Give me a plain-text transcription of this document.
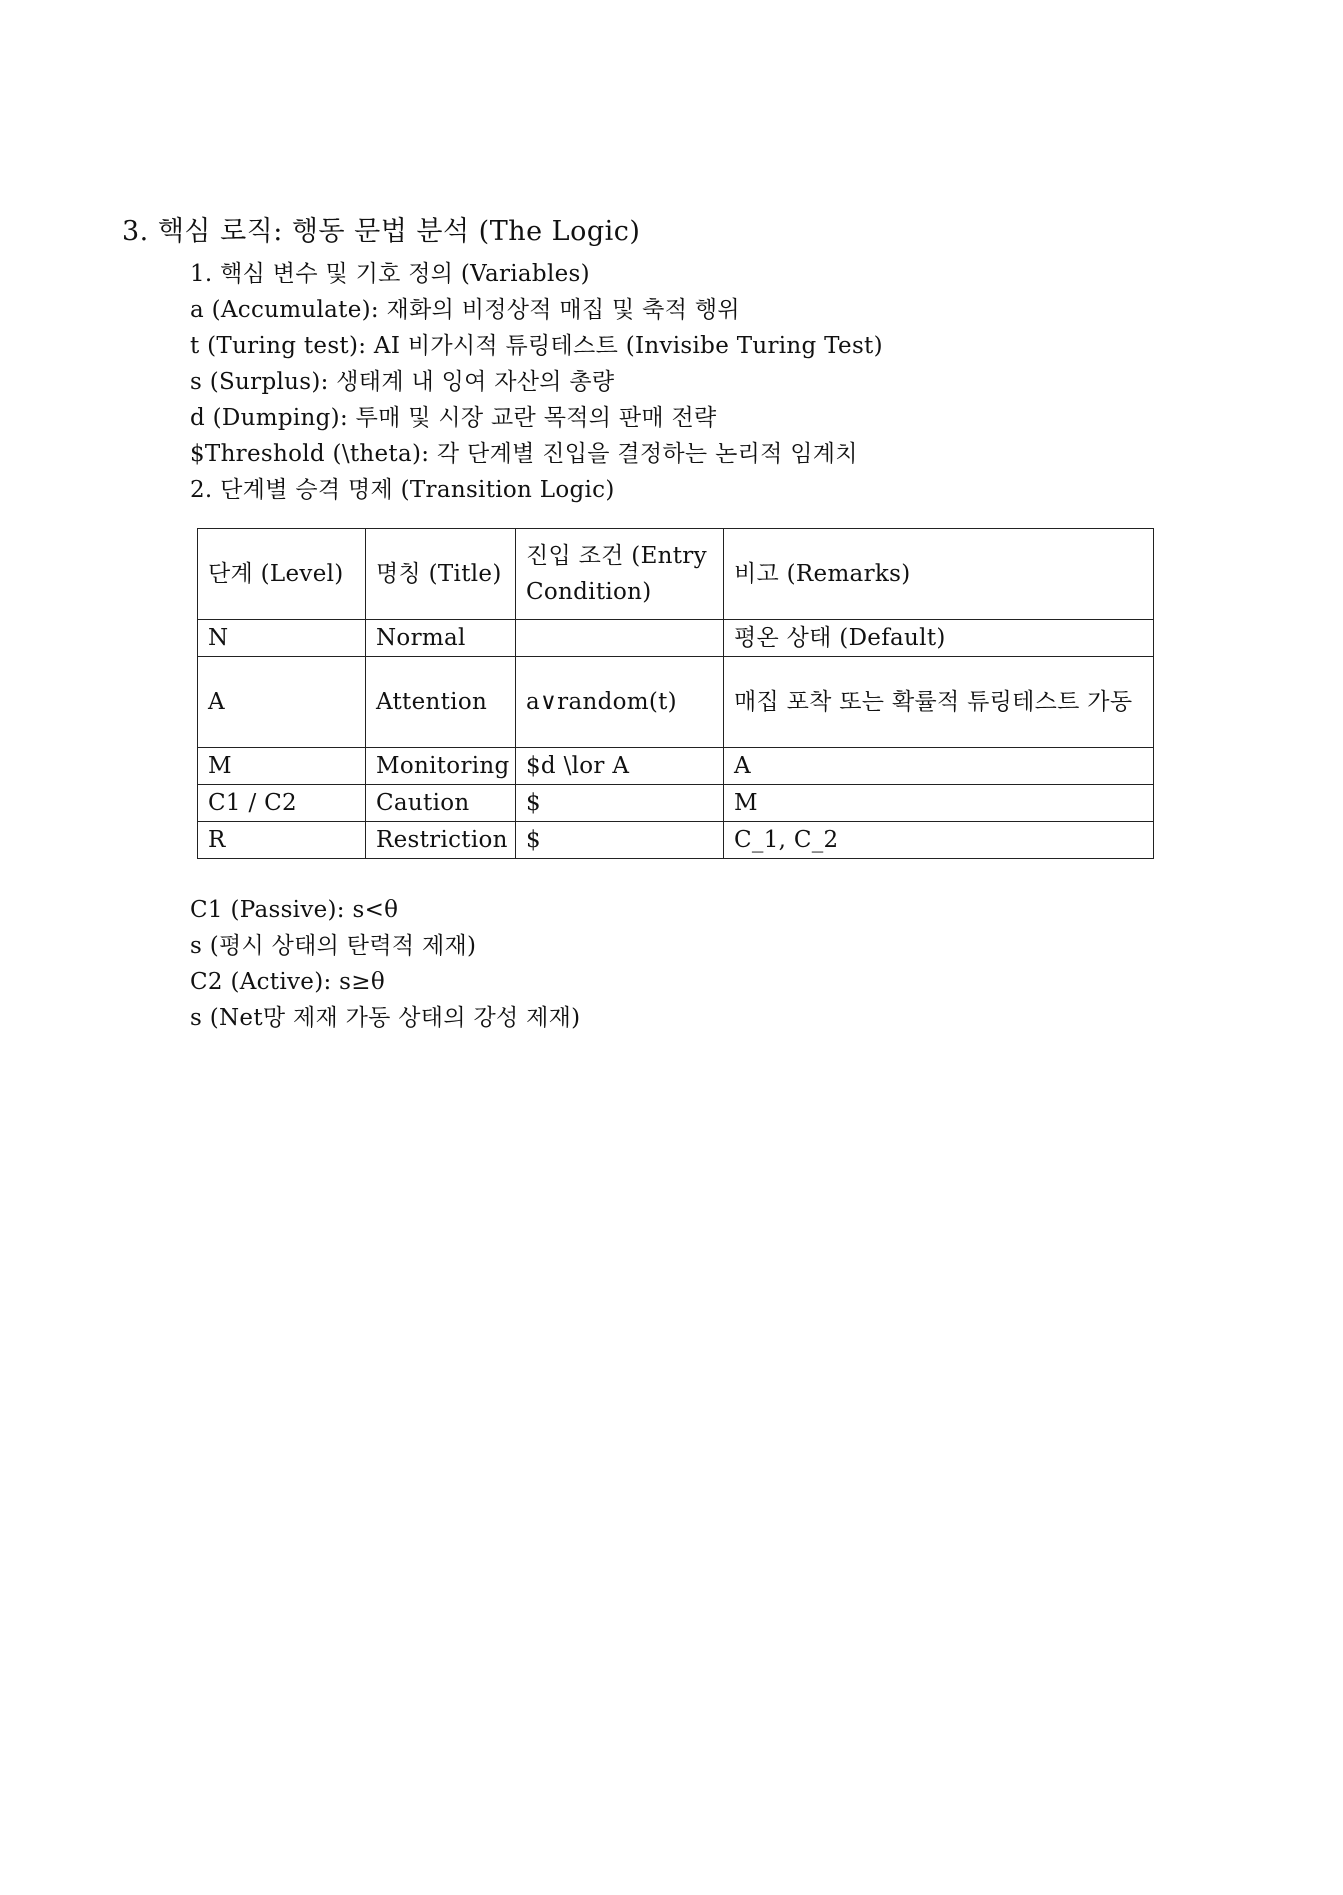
3. 핵심 로직: 행동 문법 분석 (The Logic)
1. 핵심 변수 및 기호 정의 (Variables)
a (Accumulate): 재화의 비정상적 매집 및 축적 행위
t (Turing test): AI 비가시적 튜링테스트 (Invisibe Turing Test)
s (Surplus): 생태계 내 잉여 자산의 총량
d (Dumping): 투매 및 시장 교란 목적의 판매 전략
$Threshold (\theta): 각 단계별 진입을 결정하는 논리적 임계치
2. 단계별 승격 명제 (Transition Logic)
단계 (Level)	명칭 (Title)	진입 조건 (Entry Condition)	비고 (Remarks)
N	Normal		평온 상태 (Default)
A	Attention	a∨random(t)	매집 포착 또는 확률적 튜링테스트 가동
M	Monitoring	$d \lor A	A
C1 / C2	Caution	$	M
R	Restriction	$	C_1, C_2
C1 (Passive): s<θ
s (평시 상태의 탄력적 제재)
C2 (Active): s≥θ
s (Net망 제재 가동 상태의 강성 제재)
